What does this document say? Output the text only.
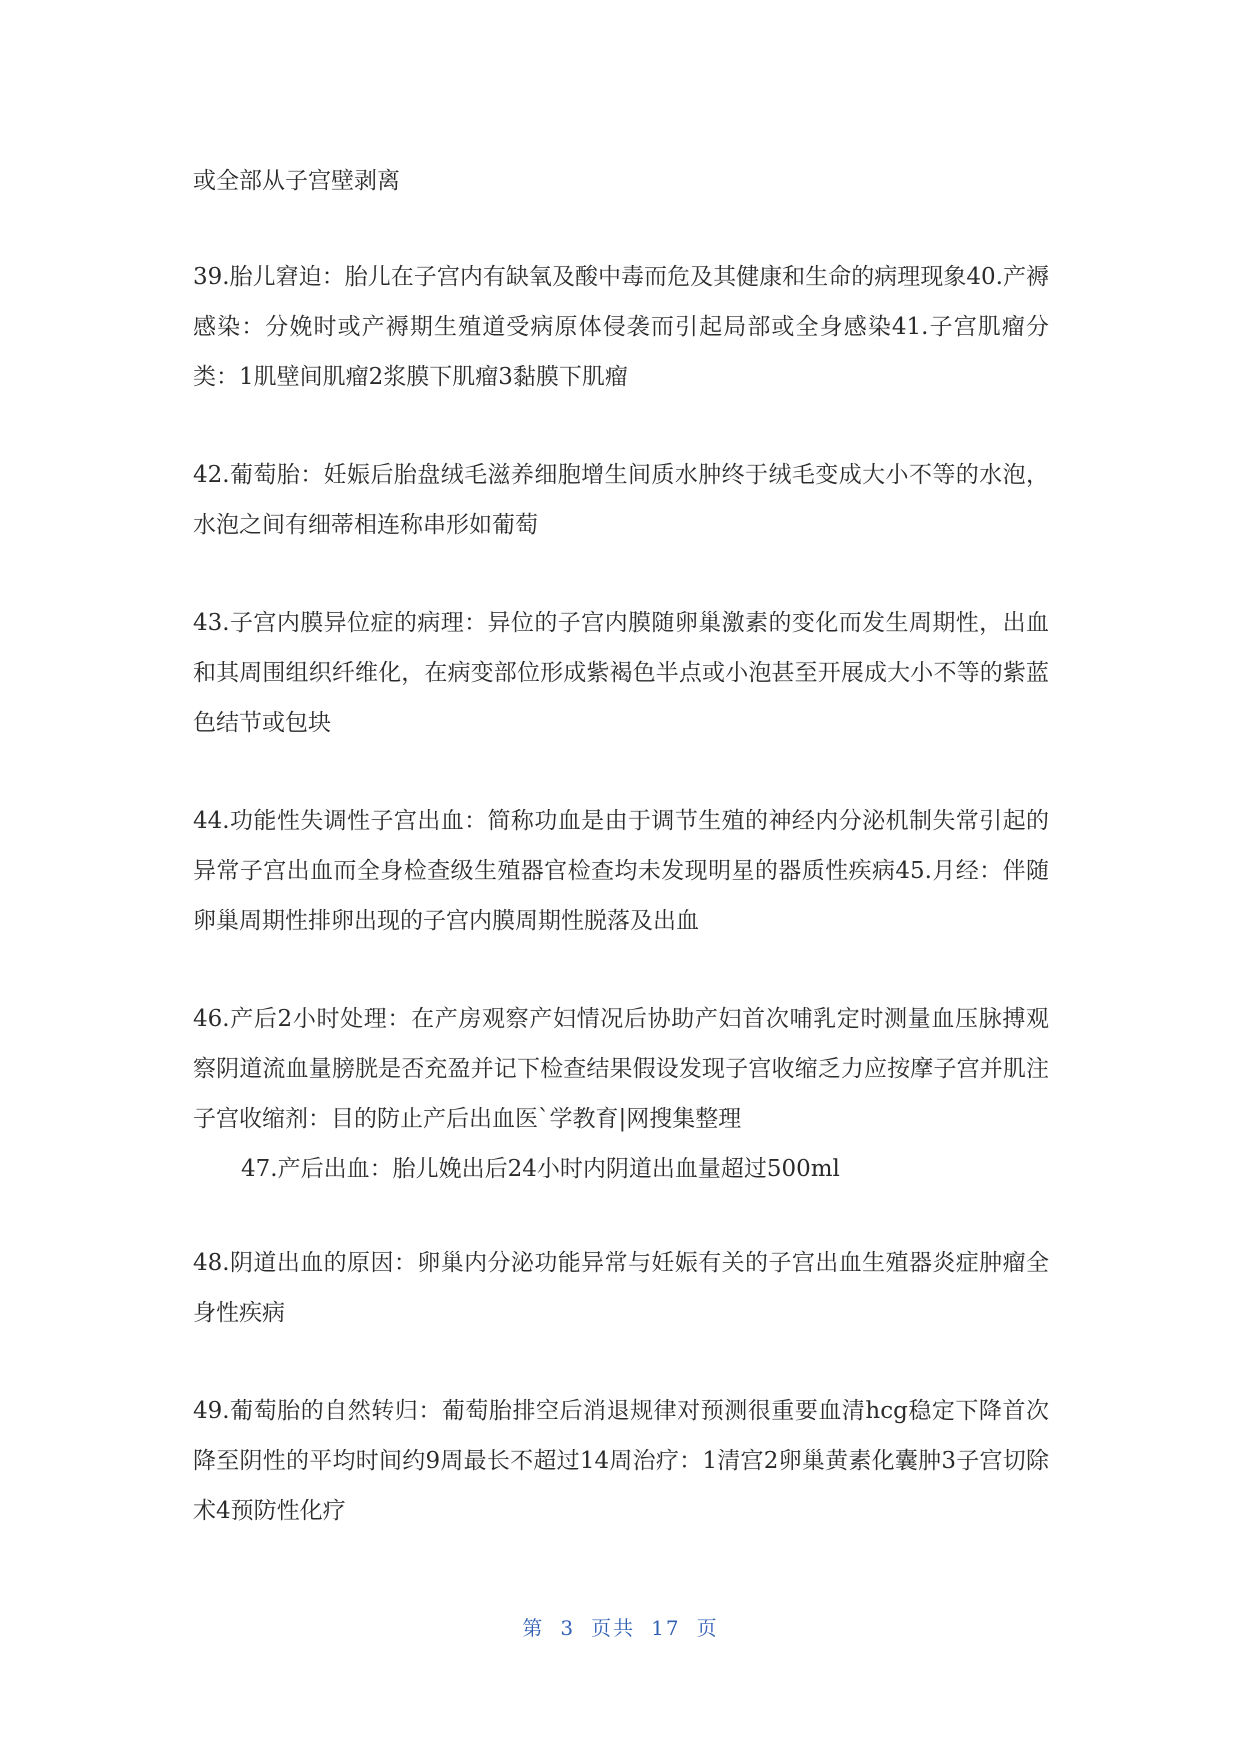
或全部从子宫壁剥离

39.胎儿窘迫：胎儿在子宫内有缺氧及酸中毒而危及其健康和生命的病理现象40.产褥感染：分娩时或产褥期生殖道受病原体侵袭而引起局部或全身感染41.子宫肌瘤分类：1肌壁间肌瘤2浆膜下肌瘤3黏膜下肌瘤

42.葡萄胎：妊娠后胎盘绒毛滋养细胞增生间质水肿终于绒毛变成大小不等的水泡，水泡之间有细蒂相连称串形如葡萄

43.子宫内膜异位症的病理：异位的子宫内膜随卵巢激素的变化而发生周期性，出血和其周围组织纤维化，在病变部位形成紫褐色半点或小泡甚至开展成大小不等的紫蓝色结节或包块

44.功能性失调性子宫出血：简称功血是由于调节生殖的神经内分泌机制失常引起的异常子宫出血而全身检查级生殖器官检查均未发现明星的器质性疾病45.月经：伴随卵巢周期性排卵出现的子宫内膜周期性脱落及出血

46.产后2小时处理：在产房观察产妇情况后协助产妇首次哺乳定时测量血压脉搏观察阴道流血量膀胱是否充盈并记下检查结果假设发现子宫收缩乏力应按摩子宫并肌注子宫收缩剂：目的防止产后出血医`学教育|网搜集整理

47.产后出血：胎儿娩出后24小时内阴道出血量超过500ml

48.阴道出血的原因：卵巢内分泌功能异常与妊娠有关的子宫出血生殖器炎症肿瘤全身性疾病

49.葡萄胎的自然转归：葡萄胎排空后消退规律对预测很重要血清hcg稳定下降首次降至阴性的平均时间约9周最长不超过14周治疗：1清宫2卵巢黄素化囊肿3子宫切除术4预防性化疗

第 3 页共 17 页
